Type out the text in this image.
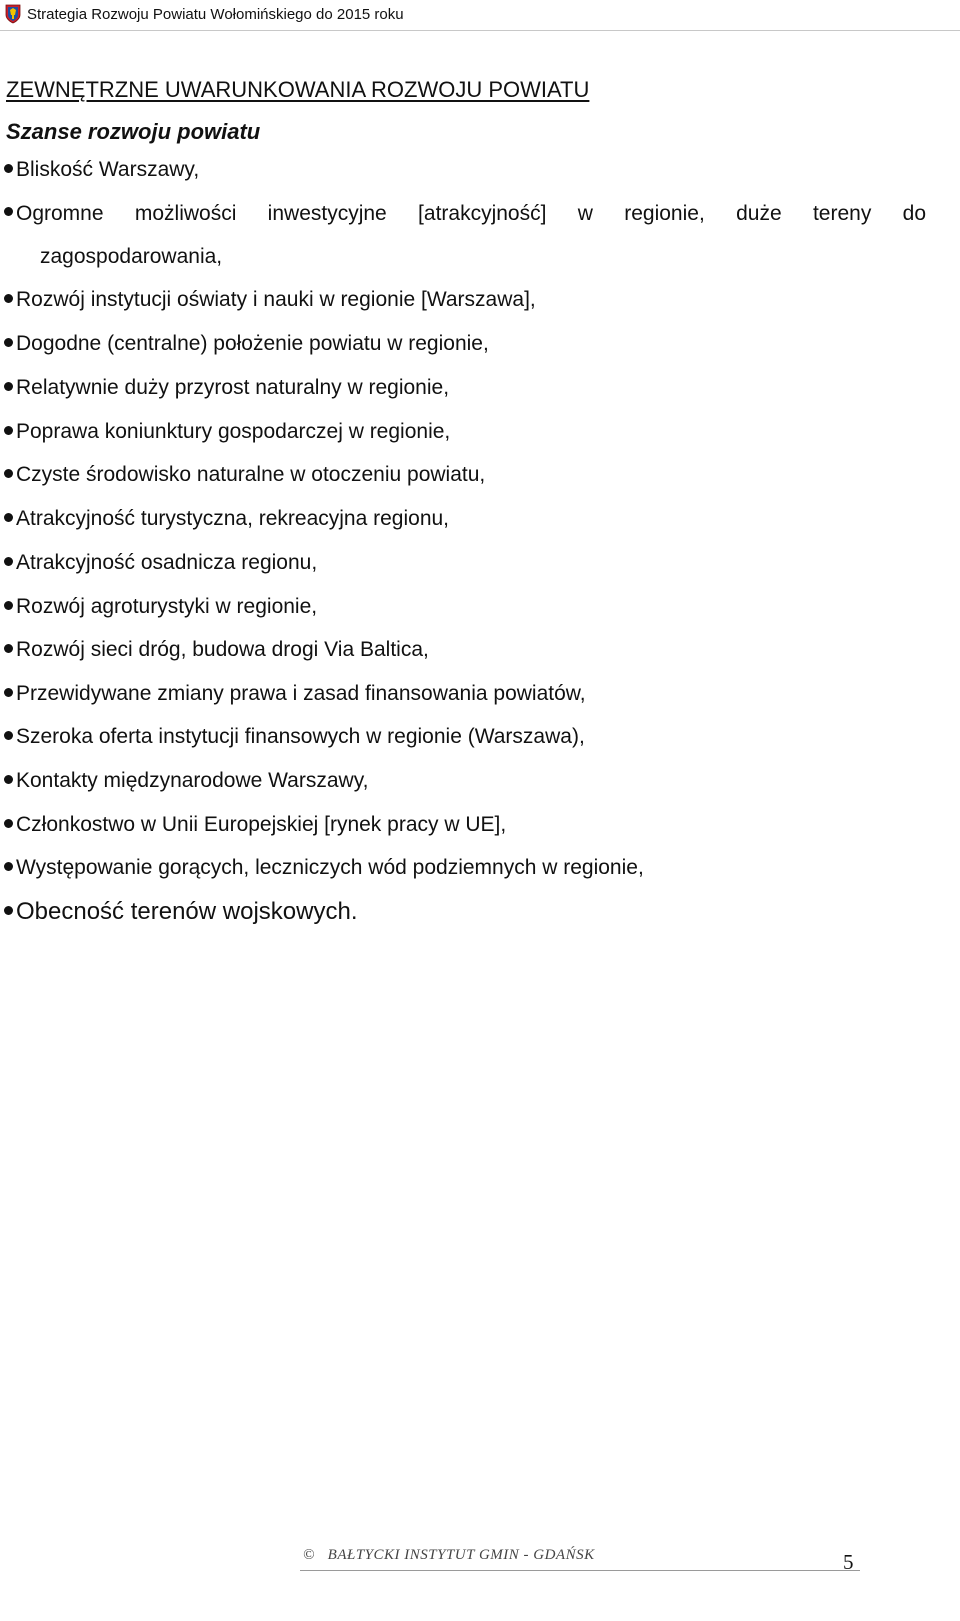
Strategia Rozwoju Powiatu Wołomińskiego do 2015 roku
ZEWNĘTRZNE UWARUNKOWANIA ROZWOJU POWIATU
Szanse rozwoju powiatu
Bliskość Warszawy,
Ogromne możliwości inwestycyjne [atrakcyjność] w regionie, duże tereny do
zagospodarowania,
Rozwój instytucji oświaty i nauki w regionie [Warszawa],
Dogodne (centralne) położenie powiatu w regionie,
Relatywnie duży przyrost naturalny w regionie,
Poprawa koniunktury gospodarczej w regionie,
Czyste środowisko naturalne w otoczeniu powiatu,
Atrakcyjność turystyczna, rekreacyjna regionu,
Atrakcyjność osadnicza regionu,
Rozwój agroturystyki w regionie,
Rozwój sieci dróg, budowa drogi Via Baltica,
Przewidywane zmiany prawa i zasad finansowania powiatów,
Szeroka oferta instytucji finansowych w regionie (Warszawa),
Kontakty międzynarodowe Warszawy,
Członkostwo w Unii Europejskiej [rynek pracy w UE],
Występowanie gorących, leczniczych wód podziemnych w regionie,
Obecność terenów wojskowych.
© BAŁTYCKI INSTYTUT GMIN - GDAŃSK	5
